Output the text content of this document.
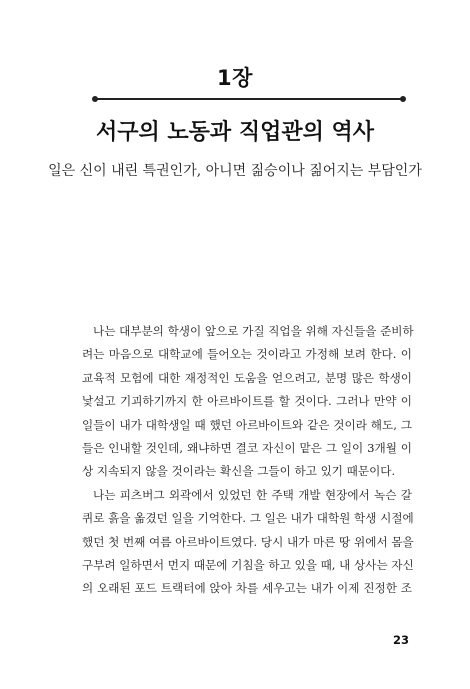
1장
서구의 노동과 직업관의 역사
일은 신이 내린 특권인가, 아니면 짊승이나 짊어지는 부담인가
나는 대부분의 학생이 앞으로 가질 직업을 위해 자신들을 준비하
려는 마음으로 대학교에 들어오는 것이라고 가정해 보려 한다. 이
교육적 모험에 대한 재정적인 도움을 얻으려고, 분명 많은 학생이
낯설고 기괴하기까지 한 아르바이트를 할 것이다. 그러나 만약 이
일들이 내가 대학생일 때 했던 아르바이트와 같은 것이라 해도, 그
들은 인내할 것인데, 왜냐하면 결코 자신이 맡은 그 일이 3개월 이
상 지속되지 않을 것이라는 확신을 그들이 하고 있기 때문이다.
나는 피츠버그 외곽에서 있었던 한 주택 개발 현장에서 녹슨 갈
퀴로 흙을 옮겼던 일을 기억한다. 그 일은 내가 대학원 학생 시절에
했던 첫 번째 여름 아르바이트였다. 당시 내가 마른 땅 위에서 몸을
구부려 일하면서 먼지 때문에 기침을 하고 있을 때, 내 상사는 자신
의 오래된 포드 트랙터에 앉아 차를 세우고는 내가 이제 진정한 조
23
